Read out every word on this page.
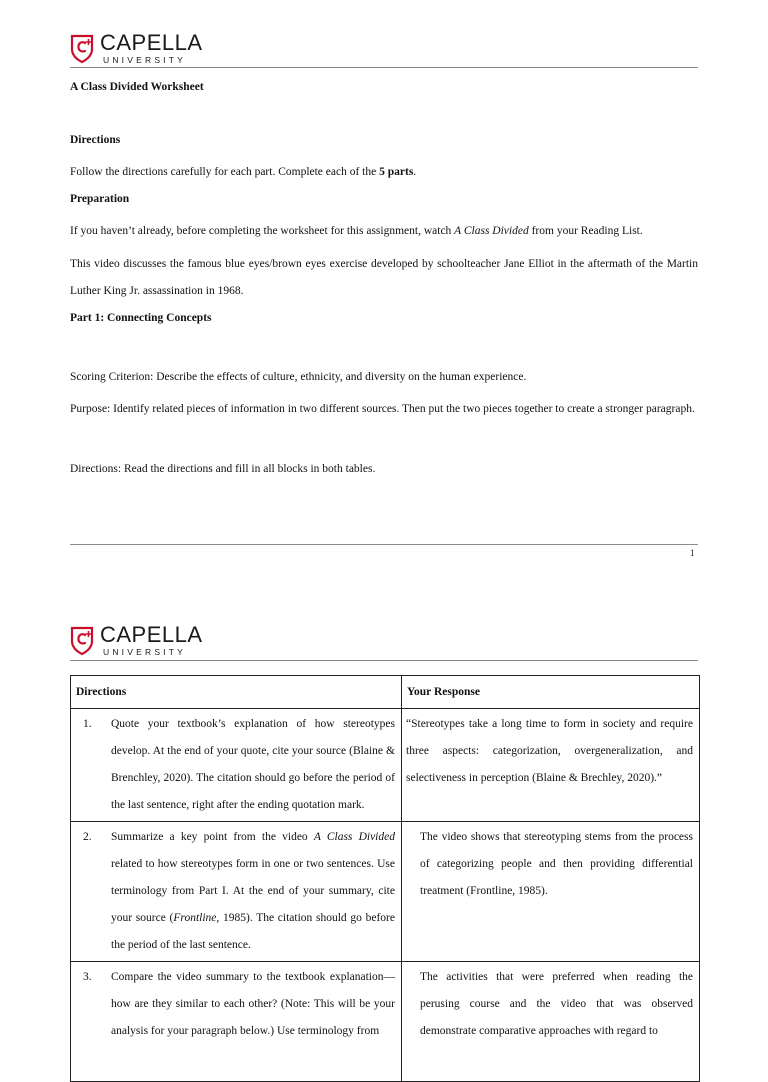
CAPELLA
UNIVERSITY
A Class Divided Worksheet
Directions
Follow the directions carefully for each part. Complete each of the 5 parts.
Preparation
If you haven’t already, before completing the worksheet for this assignment, watch A Class Divided from your Reading List.
This video discusses the famous blue eyes/brown eyes exercise developed by schoolteacher Jane Elliot in the aftermath of the Martin Luther King Jr. assassination in 1968.
Part 1: Connecting Concepts
Scoring Criterion: Describe the effects of culture, ethnicity, and diversity on the human experience.
Purpose: Identify related pieces of information in two different sources. Then put the two pieces together to create a stronger paragraph.
Directions: Read the directions and fill in all blocks in both tables.
1
CAPELLA
UNIVERSITY
Directions	Your Response

1. Quote your textbook’s explanation of how stereotypes develop. At the end of your quote, cite your source (Blaine & Brenchley, 2020). The citation should go before the period of the last sentence, right after the ending quotation mark.	“Stereotypes take a long time to form in society and require three aspects: categorization, overgeneralization, and selectiveness in perception (Blaine & Brechley, 2020).”

2. Summarize a key point from the video A Class Divided related to how stereotypes form in one or two sentences. Use terminology from Part I. At the end of your summary, cite your source (Frontline, 1985). The citation should go before the period of the last sentence.	The video shows that stereotyping stems from the process of categorizing people and then providing differential treatment (Frontline, 1985).

3. Compare the video summary to the textbook explanation—how are they similar to each other? (Note: This will be your analysis for your paragraph below.) Use terminology from	The activities that were preferred when reading the perusing course and the video that was observed demonstrate comparative approaches with regard to
